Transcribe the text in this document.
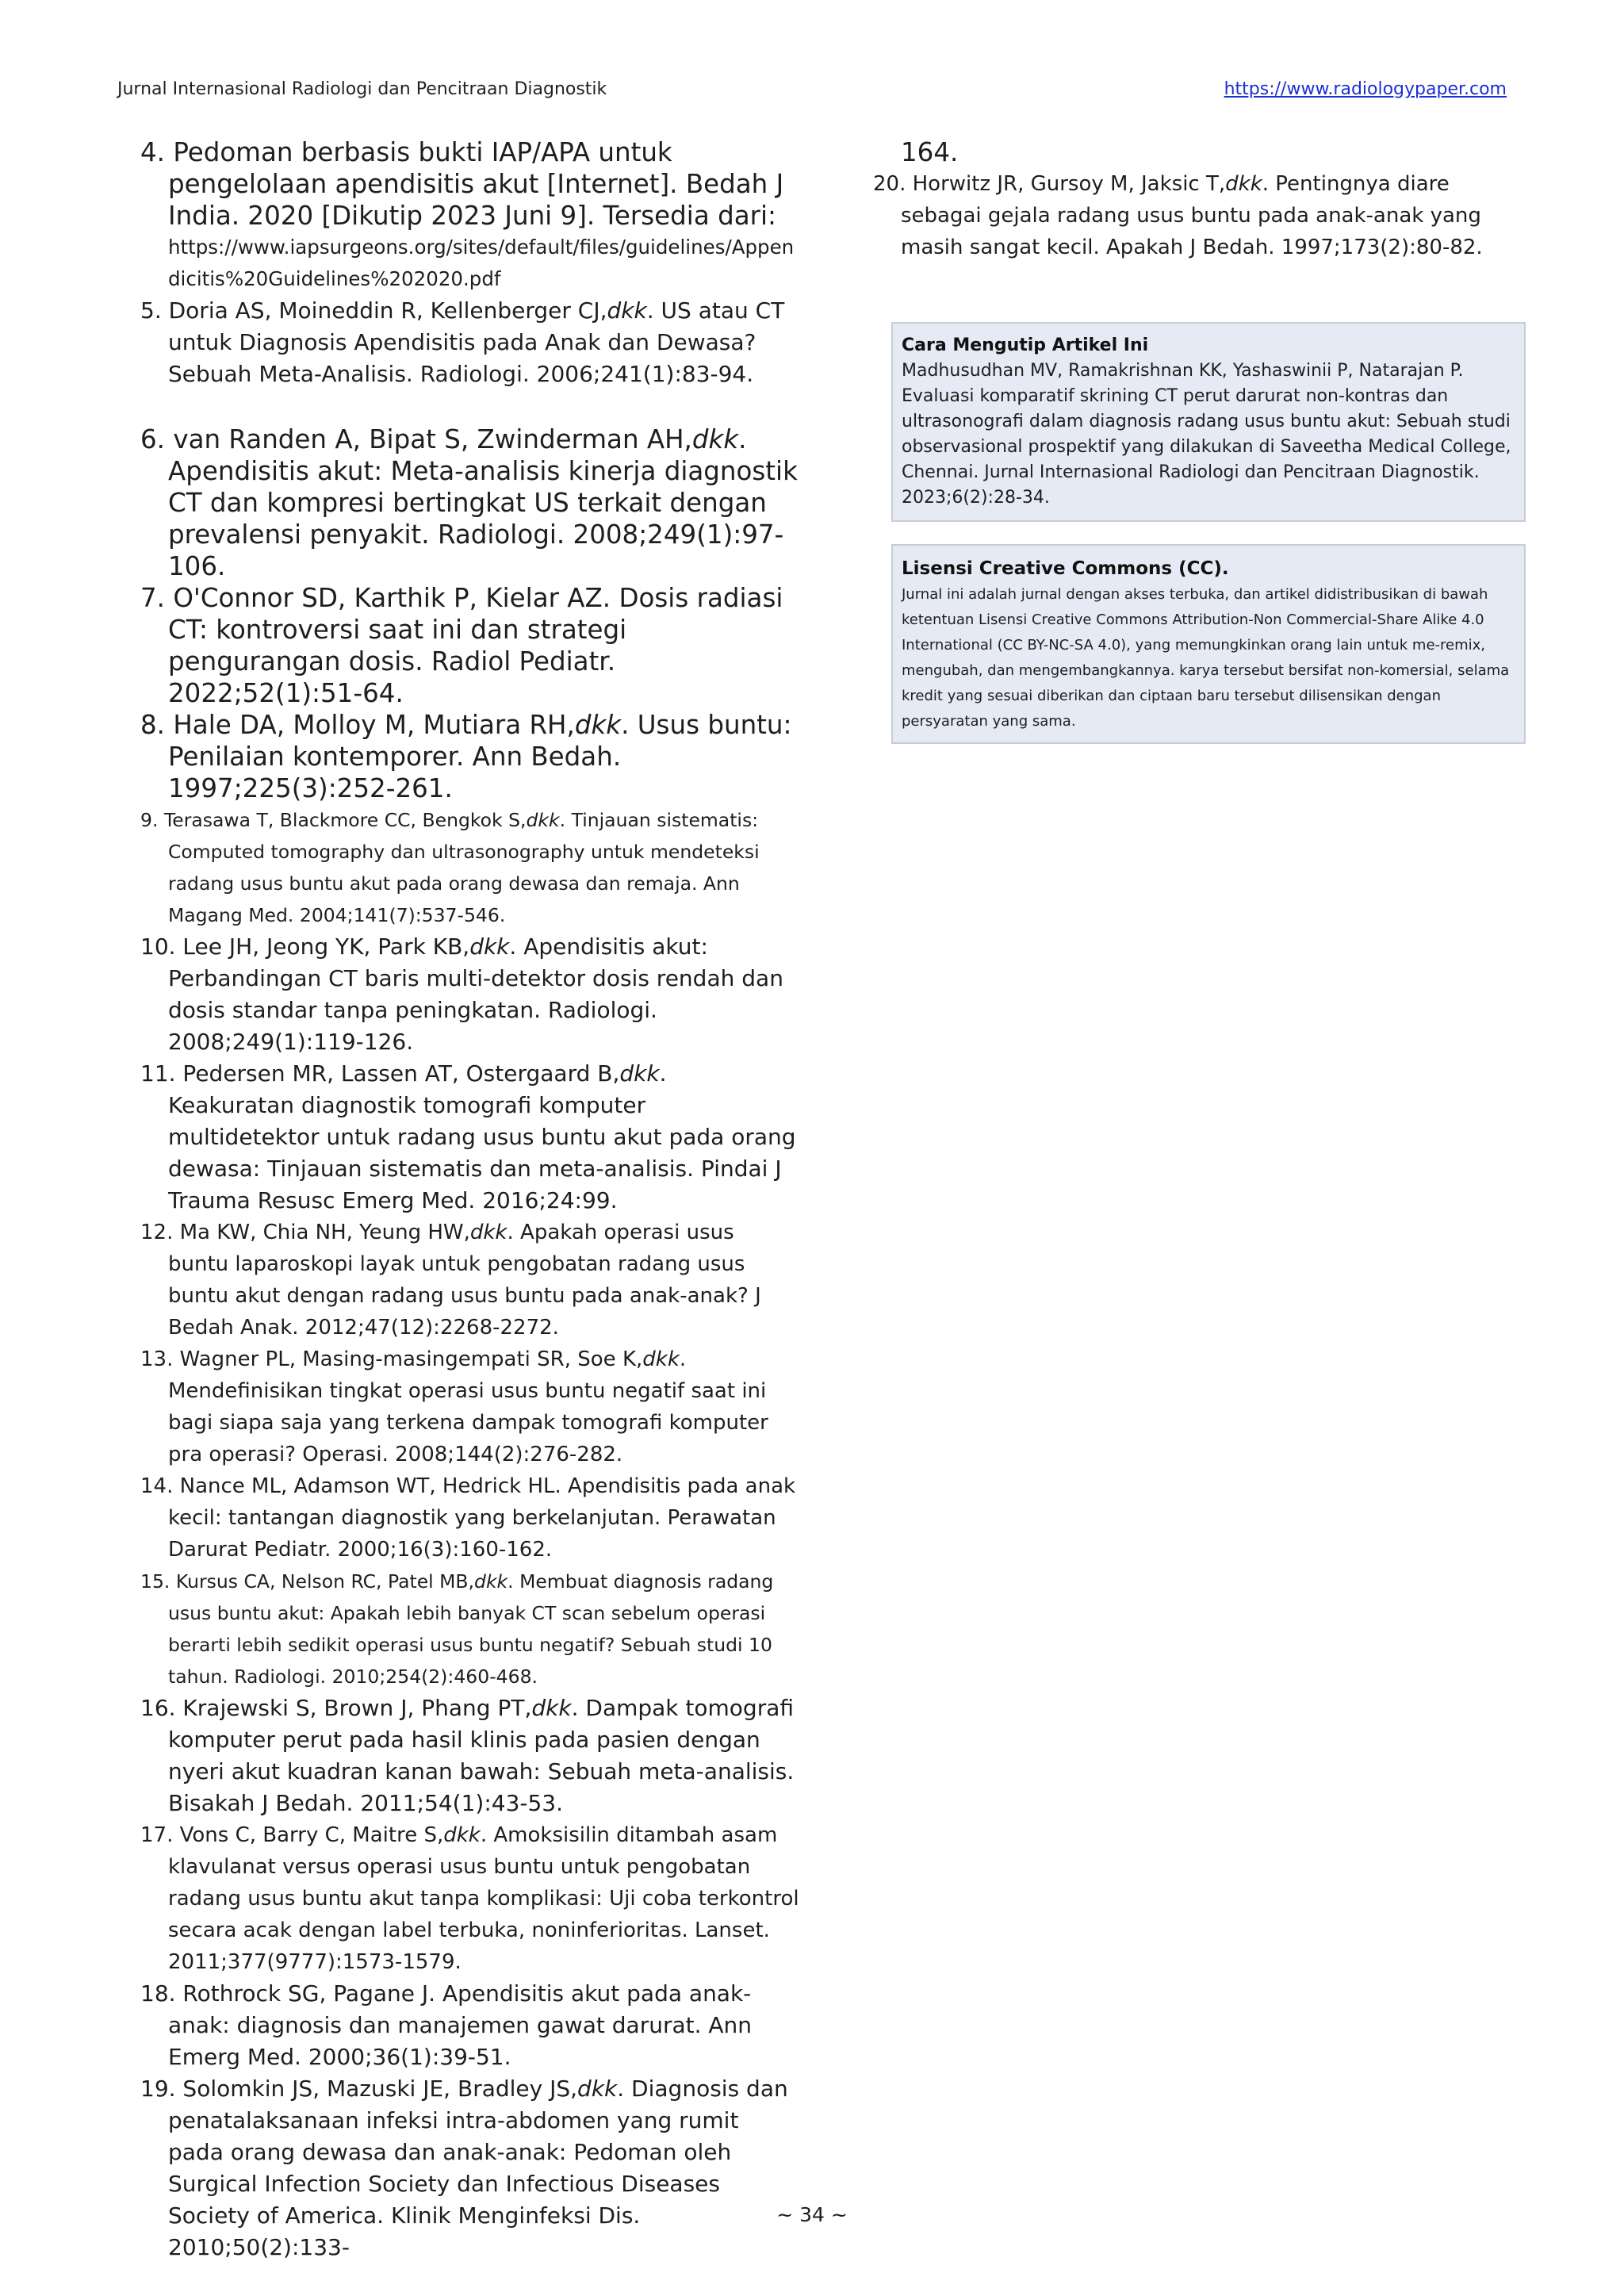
Jurnal Internasional Radiologi dan Pencitraan Diagnostik	https://www.radiologypaper.com

4. Pedoman berbasis bukti IAP/APA untuk pengelolaan apendisitis akut [Internet]. Bedah J India. 2020 [Dikutip 2023 Juni 9]. Tersedia dari:
https://www.iapsurgeons.org/sites/default/files/guidelines/Appendicitis%20Guidelines%202020.pdf

5. Doria AS, Moineddin R, Kellenberger CJ,dkk. US atau CT untuk Diagnosis Apendisitis pada Anak dan Dewasa? Sebuah Meta-Analisis. Radiologi. 2006;241(1):83-94.

6. van Randen A, Bipat S, Zwinderman AH,dkk. Apendisitis akut: Meta-analisis kinerja diagnostik CT dan kompresi bertingkat US terkait dengan prevalensi penyakit. Radiologi. 2008;249(1):97-106.

7. O'Connor SD, Karthik P, Kielar AZ. Dosis radiasi CT: kontroversi saat ini dan strategi pengurangan dosis. Radiol Pediatr. 2022;52(1):51-64.

8. Hale DA, Molloy M, Mutiara RH,dkk. Usus buntu: Penilaian kontemporer. Ann Bedah. 1997;225(3):252-261.

9. Terasawa T, Blackmore CC, Bengkok S,dkk. Tinjauan sistematis: Computed tomography dan ultrasonography untuk mendeteksi radang usus buntu akut pada orang dewasa dan remaja. Ann Magang Med. 2004;141(7):537-546.

10. Lee JH, Jeong YK, Park KB,dkk. Apendisitis akut: Perbandingan CT baris multi-detektor dosis rendah dan dosis standar tanpa peningkatan. Radiologi. 2008;249(1):119-126.

11. Pedersen MR, Lassen AT, Ostergaard B,dkk. Keakuratan diagnostik tomografi komputer multidetektor untuk radang usus buntu akut pada orang dewasa: Tinjauan sistematis dan meta-analisis. Pindai J Trauma Resusc Emerg Med. 2016;24:99.

12. Ma KW, Chia NH, Yeung HW,dkk. Apakah operasi usus buntu laparoskopi layak untuk pengobatan radang usus buntu akut dengan radang usus buntu pada anak-anak? J Bedah Anak. 2012;47(12):2268-2272.

13. Wagner PL, Masing-masingempati SR, Soe K,dkk. Mendefinisikan tingkat operasi usus buntu negatif saat ini bagi siapa saja yang terkena dampak tomografi komputer pra operasi? Operasi. 2008;144(2):276-282.

14. Nance ML, Adamson WT, Hedrick HL. Apendisitis pada anak kecil: tantangan diagnostik yang berkelanjutan. Perawatan Darurat Pediatr. 2000;16(3):160-162.

15. Kursus CA, Nelson RC, Patel MB,dkk. Membuat diagnosis radang usus buntu akut: Apakah lebih banyak CT scan sebelum operasi berarti lebih sedikit operasi usus buntu negatif? Sebuah studi 10 tahun. Radiologi. 2010;254(2):460-468.

16. Krajewski S, Brown J, Phang PT,dkk. Dampak tomografi komputer perut pada hasil klinis pada pasien dengan nyeri akut kuadran kanan bawah: Sebuah meta-analisis. Bisakah J Bedah. 2011;54(1):43-53.

17. Vons C, Barry C, Maitre S,dkk. Amoksisilin ditambah asam klavulanat versus operasi usus buntu untuk pengobatan radang usus buntu akut tanpa komplikasi: Uji coba terkontrol secara acak dengan label terbuka, noninferioritas. Lanset. 2011;377(9777):1573-1579.

18. Rothrock SG, Pagane J. Apendisitis akut pada anak-anak: diagnosis dan manajemen gawat darurat. Ann Emerg Med. 2000;36(1):39-51.

19. Solomkin JS, Mazuski JE, Bradley JS,dkk. Diagnosis dan penatalaksanaan infeksi intra-abdomen yang rumit pada orang dewasa dan anak-anak: Pedoman oleh Surgical Infection Society dan Infectious Diseases Society of America. Klinik Menginfeksi Dis. 2010;50(2):133-

164.

20. Horwitz JR, Gursoy M, Jaksic T,dkk. Pentingnya diare sebagai gejala radang usus buntu pada anak-anak yang masih sangat kecil. Apakah J Bedah. 1997;173(2):80-82.

Cara Mengutip Artikel Ini
Madhusudhan MV, Ramakrishnan KK, Yashaswinii P, Natarajan P. Evaluasi komparatif skrining CT perut darurat non-kontras dan ultrasonografi dalam diagnosis radang usus buntu akut: Sebuah studi observasional prospektif yang dilakukan di Saveetha Medical College, Chennai. Jurnal Internasional Radiologi dan Pencitraan Diagnostik. 2023;6(2):28-34.
Lisensi Creative Commons (CC).
Jurnal ini adalah jurnal dengan akses terbuka, dan artikel didistribusikan di bawah ketentuan Lisensi Creative Commons Attribution-Non Commercial-Share Alike 4.0 International (CC BY-NC-SA 4.0), yang memungkinkan orang lain untuk me-remix, mengubah, dan mengembangkannya. karya tersebut bersifat non-komersial, selama kredit yang sesuai diberikan dan ciptaan baru tersebut dilisensikan dengan persyaratan yang sama.
~ 34 ~
